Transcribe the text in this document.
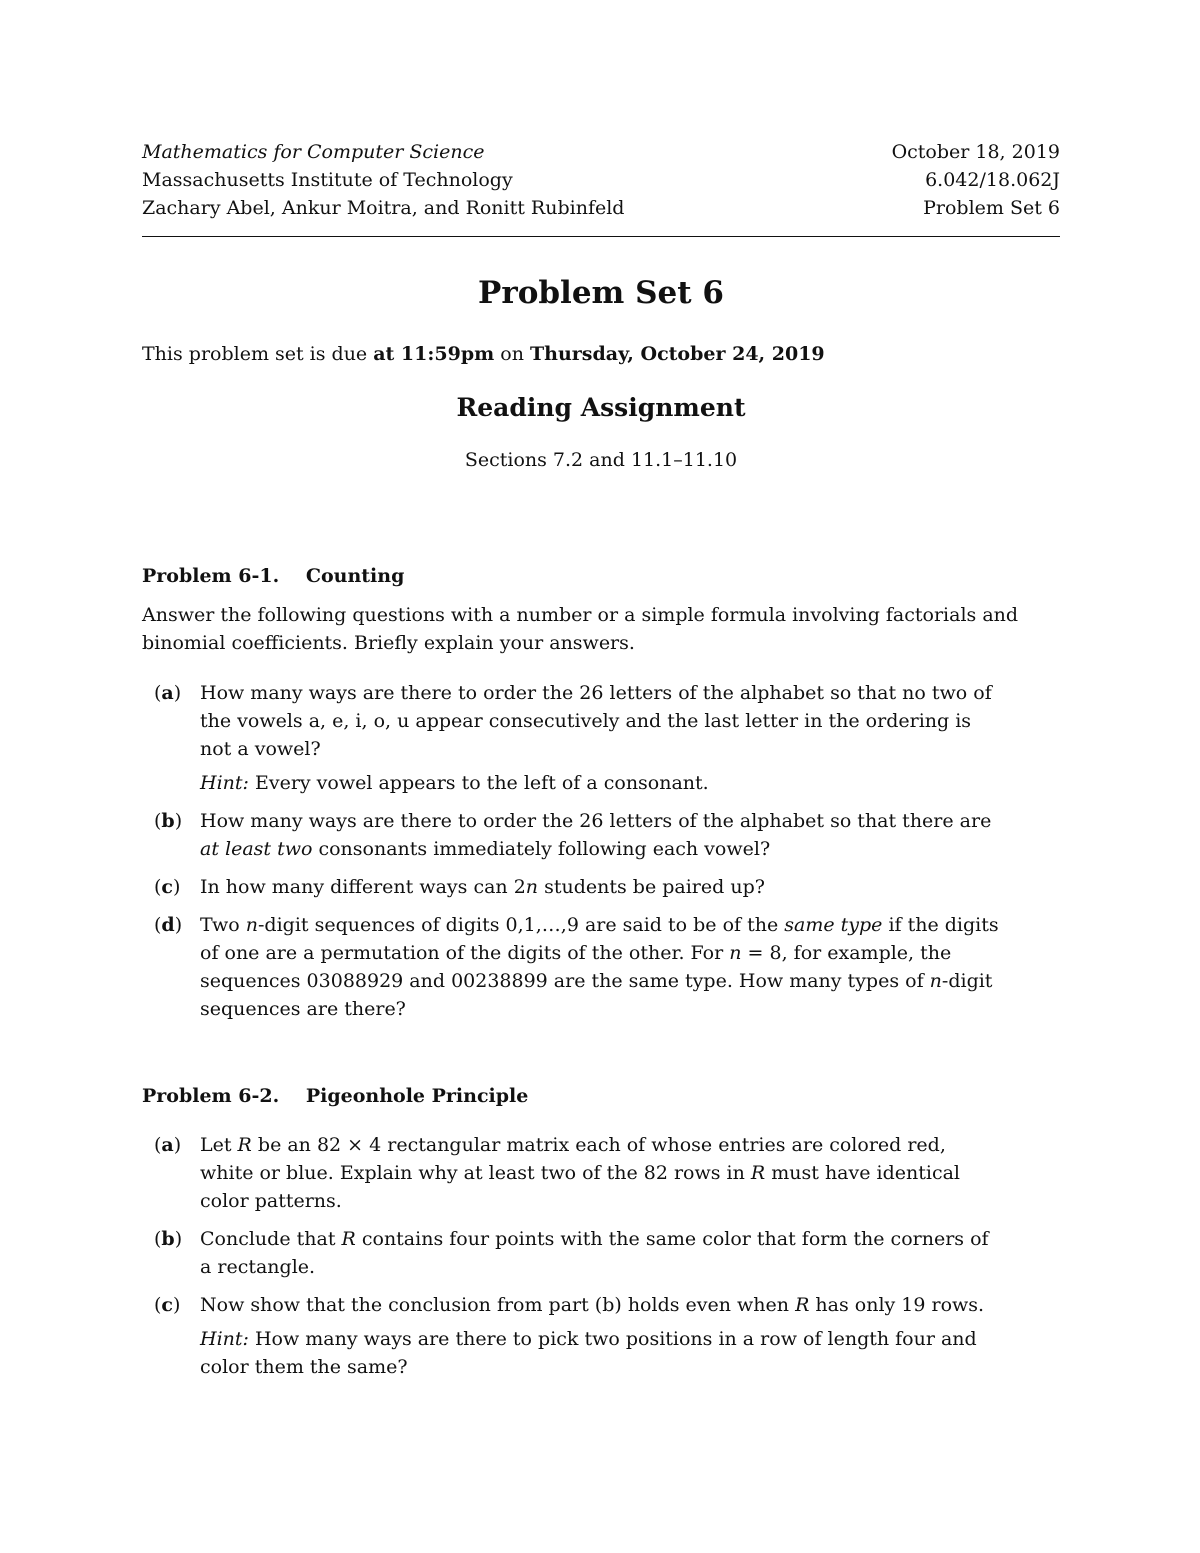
Mathematics for Computer Science	October 18, 2019
Massachusetts Institute of Technology	6.042/18.062J
Zachary Abel, Ankur Moitra, and Ronitt Rubinfeld	Problem Set 6
Problem Set 6
This problem set is due at 11:59pm on Thursday, October 24, 2019
Reading Assignment
Sections 7.2 and 11.1–11.10
Problem 6-1. Counting
Answer the following questions with a number or a simple formula involving factorials and binomial coefficients. Briefly explain your answers.
(a) How many ways are there to order the 26 letters of the alphabet so that no two of the vowels a, e, i, o, u appear consecutively and the last letter in the ordering is not a vowel?
Hint: Every vowel appears to the left of a consonant.
(b) How many ways are there to order the 26 letters of the alphabet so that there are at least two consonants immediately following each vowel?
(c) In how many different ways can 2n students be paired up?
(d) Two n-digit sequences of digits 0,1,…,9 are said to be of the same type if the digits of one are a permutation of the digits of the other. For n = 8, for example, the sequences 03088929 and 00238899 are the same type. How many types of n-digit sequences are there?
Problem 6-2. Pigeonhole Principle
(a) Let R be an 82 × 4 rectangular matrix each of whose entries are colored red, white or blue. Explain why at least two of the 82 rows in R must have identical color patterns.
(b) Conclude that R contains four points with the same color that form the corners of a rectangle.
(c) Now show that the conclusion from part (b) holds even when R has only 19 rows.
Hint: How many ways are there to pick two positions in a row of length four and color them the same?
